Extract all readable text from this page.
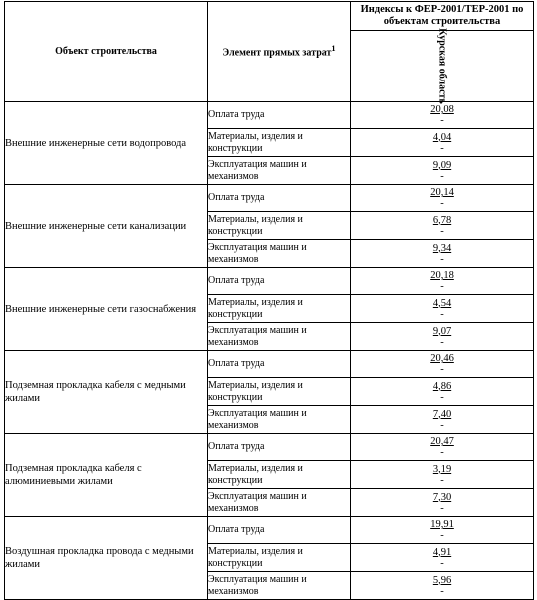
Объект строительства	Элемент прямых затрат$^1$	Индексы к ФЕР-2001/ТЕР-2001 по объектам строительства

		Курская область

Внешние инженерные сети водопровода	Оплата труда	20,08
-

	Материалы, изделия и конструкции	4,04
-

	Эксплуатация машин и механизмов	9,09
-

Внешние инженерные сети канализации	Оплата труда	20,14
-

	Материалы, изделия и конструкции	6,78
-

	Эксплуатация машин и механизмов	9,34
-

Внешние инженерные сети газоснабжения	Оплата труда	20,18
-

	Материалы, изделия и конструкции	4,54
-

	Эксплуатация машин и механизмов	9,07
-

Подземная прокладка кабеля с медными жилами	Оплата труда	20,46
-

	Материалы, изделия и конструкции	4,86
-

	Эксплуатация машин и механизмов	7,40
-

Подземная прокладка кабеля с алюминиевыми жилами	Оплата труда	20,47
-

	Материалы, изделия и конструкции	3,19
-

	Эксплуатация машин и механизмов	7,30
-

Воздушная прокладка провода с медными жилами	Оплата труда	19,91
-

	Материалы, изделия и конструкции	4,91
-

	Эксплуатация машин и механизмов	5,96
-
